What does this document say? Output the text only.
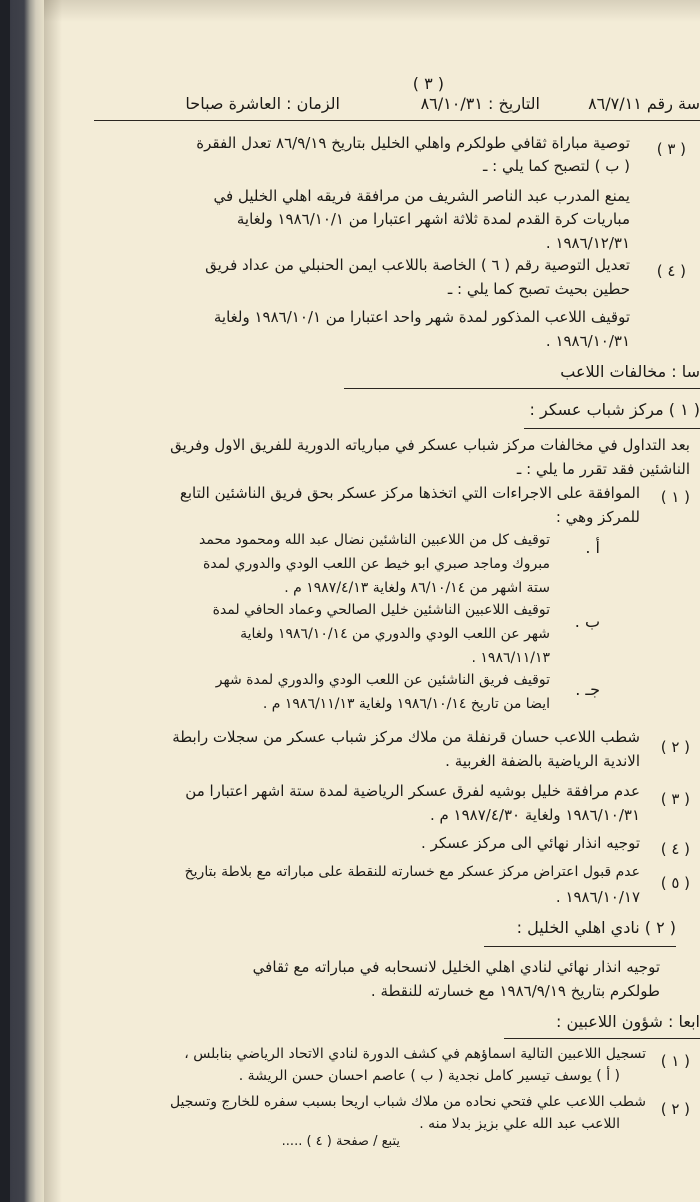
( ٣ )
سة رقم ٨٦/٧/١١
التاريخ : ٨٦/١٠/٣١
الزمان : العاشرة صباحا
( ٣ )
توصية مباراة ثقافي طولكرم واهلي الخليل بتاريخ ٨٦/٩/١٩ تعدل الفقرة
( ب ) لتصبح كما يلي : ـ
يمنع المدرب عبد الناصر الشريف من مرافقة فريقه اهلي الخليل في
مباريات كرة القدم لمدة ثلاثة اشهر اعتبارا من ١٩٨٦/١٠/١ ولغاية
١٩٨٦/١٢/٣١ .
( ٤ )
تعديل التوصية رقم ( ٦ ) الخاصة باللاعب ايمن الحنبلي من عداد فريق
حطين بحيث تصبح كما يلي : ـ
توقيف اللاعب المذكور لمدة شهر واحد اعتبارا من ١٩٨٦/١٠/١ ولغاية
١٩٨٦/١٠/٣١ .
سا : مخالفات اللاعب
( ١ ) مركز شباب عسكر :
بعد التداول في مخالفات مركز شباب عسكر في مبارياته الدورية للفريق الاول وفريق
الناشئين فقد تقرر ما يلي : ـ
( ١ )
الموافقة على الاجراءات التي اتخذها مركز عسكر بحق فريق الناشئين التابع
للمركز وهي :
أ .
توقيف كل من اللاعبين الناشئين نضال عبد الله ومحمود محمد
مبروك وماجد صبري ابو خيط عن اللعب الودي والدوري لمدة
ستة اشهر من ٨٦/١٠/١٤ ولغاية ١٩٨٧/٤/١٣ م .
ب .
توقيف اللاعبين الناشئين خليل الصالحي وعماد الحافي لمدة
شهر عن اللعب الودي والدوري من ١٩٨٦/١٠/١٤ ولغاية
١٩٨٦/١١/١٣ .
جـ .
توقيف فريق الناشئين عن اللعب الودي والدوري لمدة شهر
ايضا من تاريخ ١٩٨٦/١٠/١٤ ولغاية ١٩٨٦/١١/١٣ م .
( ٢ )
شطب اللاعب حسان قرنفلة من ملاك مركز شباب عسكر من سجلات رابطة
الاندية الرياضية بالضفة الغربية .
( ٣ )
عدم مرافقة خليل بوشيه لفرق عسكر الرياضية لمدة ستة اشهر اعتبارا من
١٩٨٦/١٠/٣١ ولغاية ١٩٨٧/٤/٣٠ م .
( ٤ )
توجيه انذار نهائي الى مركز عسكر .
( ٥ )
عدم قبول اعتراض مركز عسكر مع خسارته للنقطة على مباراته مع بلاطة بتاريخ
١٩٨٦/١٠/١٧ .
( ٢ ) نادي اهلي الخليل :
توجيه انذار نهائي لنادي اهلي الخليل لانسحابه في مباراته مع ثقافي
طولكرم بتاريخ ١٩٨٦/٩/١٩ مع خسارته للنقطة .
ابعا : شؤون اللاعبين :
( ١ )
تسجيل اللاعبين التالية اسماؤهم في كشف الدورة لنادي الاتحاد الرياضي بنابلس ،
( أ ) يوسف تيسير كامل نجدية ( ب ) عاصم احسان حسن الريشة .
( ٢ )
شطب اللاعب علي فتحي نحاده من ملاك شباب اريحا بسبب سفره للخارج وتسجيل
اللاعب عبد الله علي بزيز بدلا منه .
يتبع / صفحة ( ٤ ) .....
